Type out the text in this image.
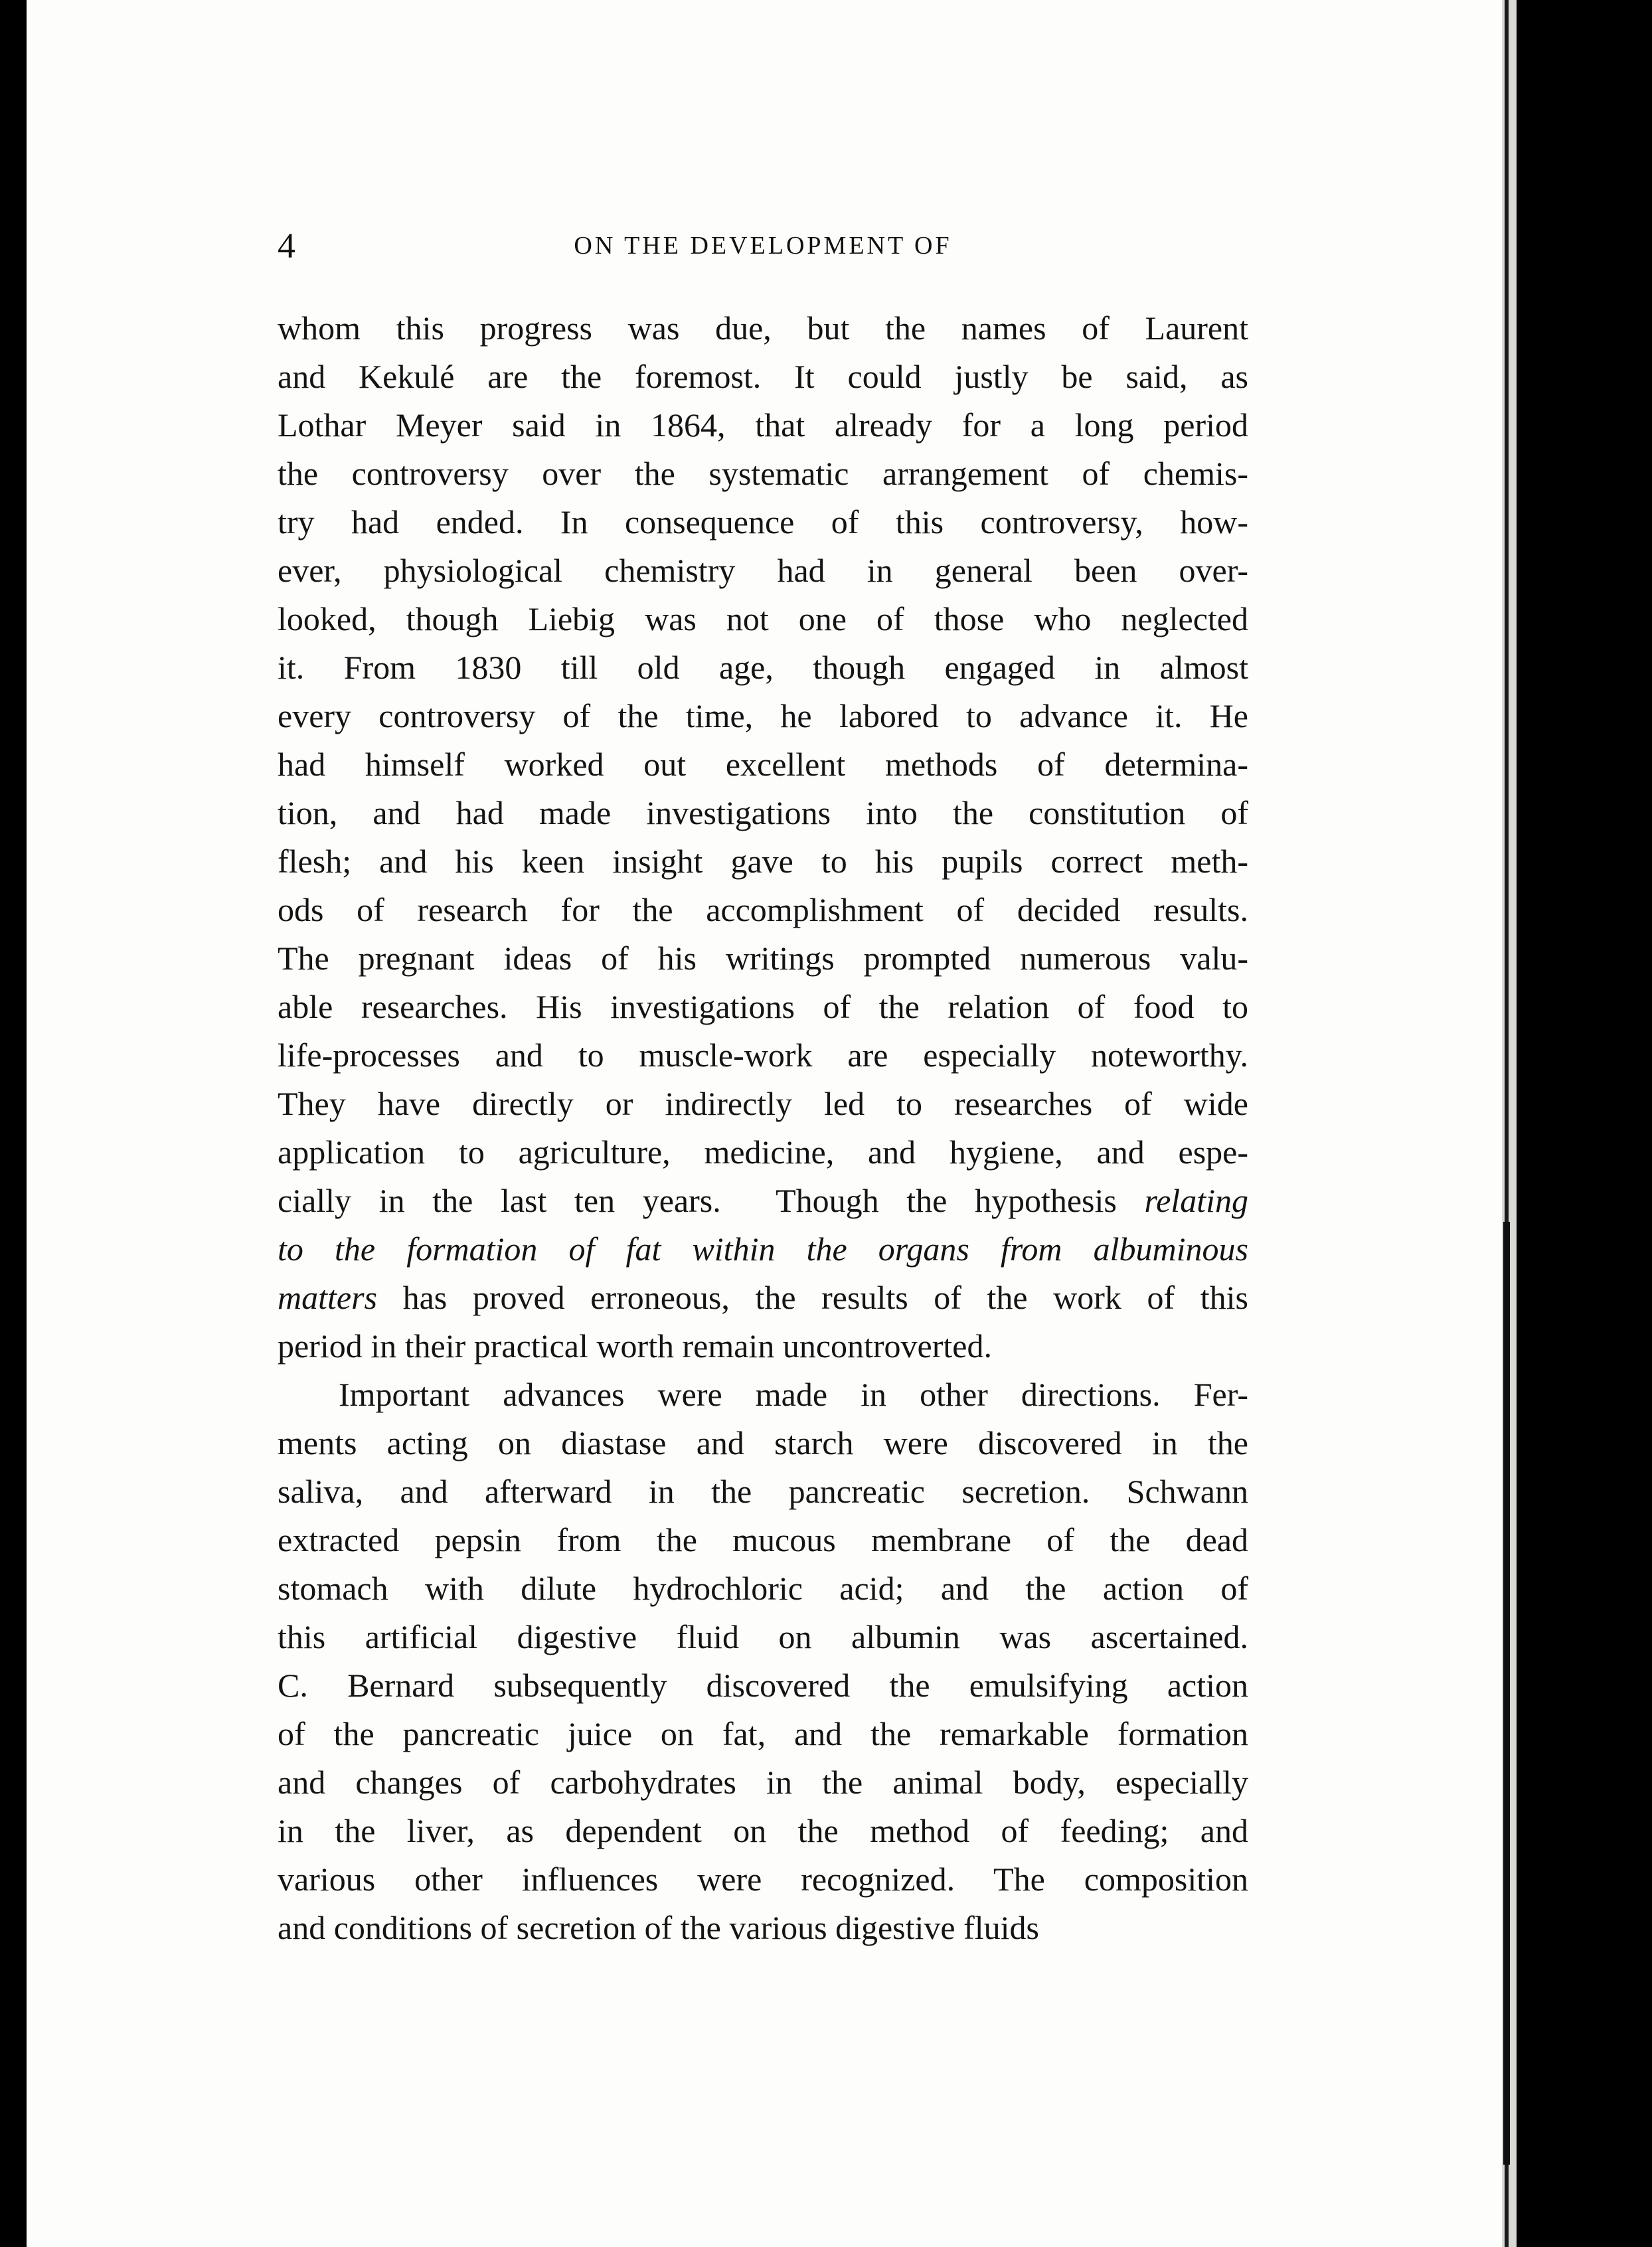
4	ON THE DEVELOPMENT OF
whom this progress was due, but the names of Laurent
and Kekulé are the foremost. It could justly be said, as
Lothar Meyer said in 1864, that already for a long period
the controversy over the systematic arrangement of chemis-
try had ended. In consequence of this controversy, how-
ever, physiological chemistry had in general been over-
looked, though Liebig was not one of those who neglected
it. From 1830 till old age, though engaged in almost
every controversy of the time, he labored to advance it. He
had himself worked out excellent methods of determina-
tion, and had made investigations into the constitution of
flesh; and his keen insight gave to his pupils correct meth-
ods of research for the accomplishment of decided results.
The pregnant ideas of his writings prompted numerous valu-
able researches. His investigations of the relation of food to
life-processes and to muscle-work are especially noteworthy.
They have directly or indirectly led to researches of wide
application to agriculture, medicine, and hygiene, and espe-
cially in the last ten years.  Though the hypothesis relating
to the formation of fat within the organs from albuminous
matters has proved erroneous, the results of the work of this
period in their practical worth remain uncontroverted.
Important advances were made in other directions. Fer-
ments acting on diastase and starch were discovered in the
saliva, and afterward in the pancreatic secretion. Schwann
extracted pepsin from the mucous membrane of the dead
stomach with dilute hydrochloric acid; and the action of
this artificial digestive fluid on albumin was ascertained.
C. Bernard subsequently discovered the emulsifying action
of the pancreatic juice on fat, and the remarkable formation
and changes of carbohydrates in the animal body, especially
in the liver, as dependent on the method of feeding; and
various other influences were recognized. The composition
and conditions of secretion of the various digestive fluids
